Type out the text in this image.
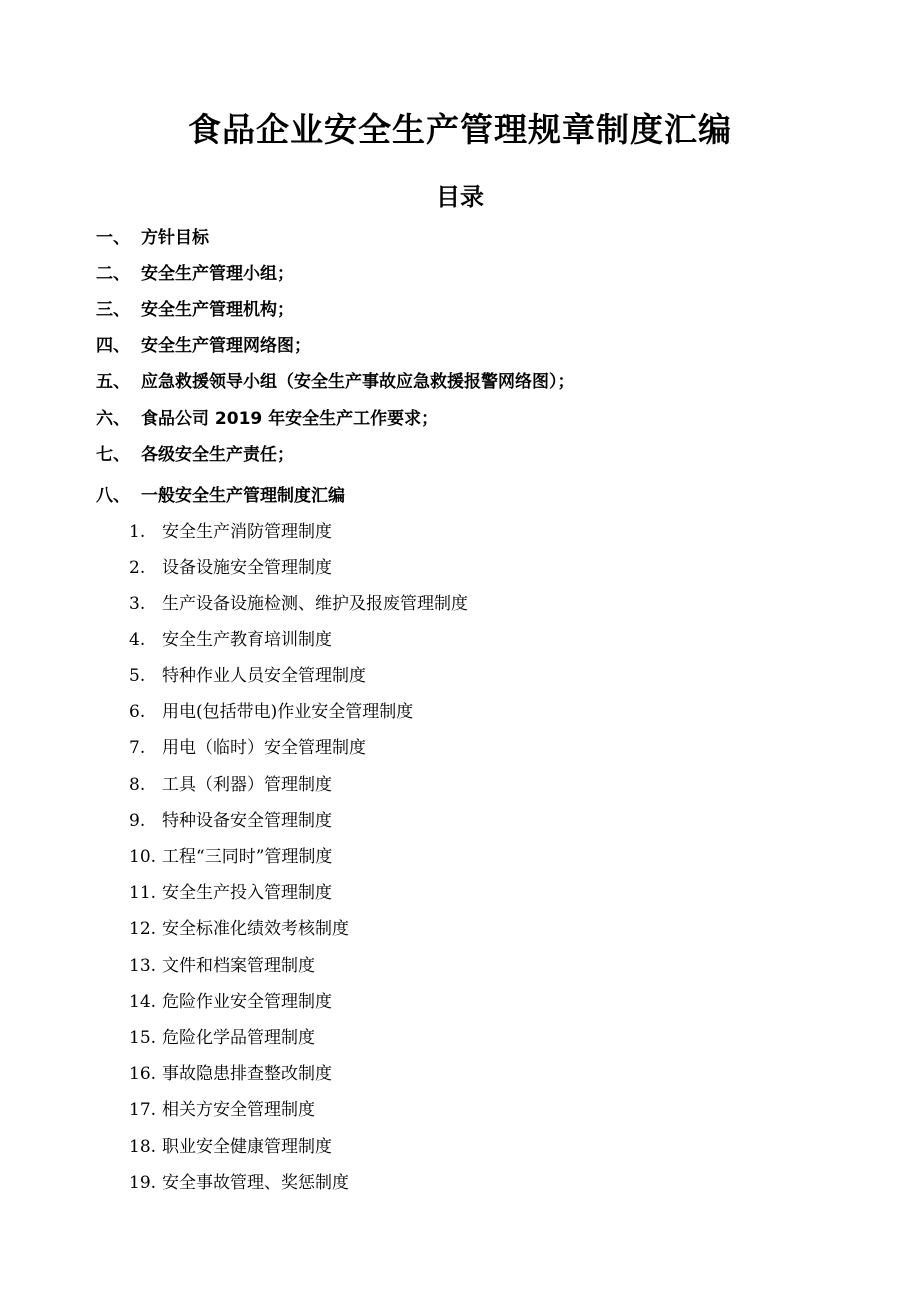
食品企业安全生产管理规章制度汇编
目录
一、 方针目标
二、 安全生产管理小组；
三、 安全生产管理机构；
四、 安全生产管理网络图；
五、 应急救援领导小组（安全生产事故应急救援报警网络图）；
六、 食品公司 2019 年安全生产工作要求；
七、 各级安全生产责任；
八、 一般安全生产管理制度汇编
1. 安全生产消防管理制度
2. 设备设施安全管理制度
3. 生产设备设施检测、维护及报废管理制度
4. 安全生产教育培训制度
5. 特种作业人员安全管理制度
6. 用电(包括带电)作业安全管理制度
7. 用电（临时）安全管理制度
8. 工具（利器）管理制度
9. 特种设备安全管理制度
10. 工程“三同时”管理制度
11. 安全生产投入管理制度
12. 安全标准化绩效考核制度
13. 文件和档案管理制度
14. 危险作业安全管理制度
15. 危险化学品管理制度
16. 事故隐患排查整改制度
17. 相关方安全管理制度
18. 职业安全健康管理制度
19. 安全事故管理、奖惩制度
